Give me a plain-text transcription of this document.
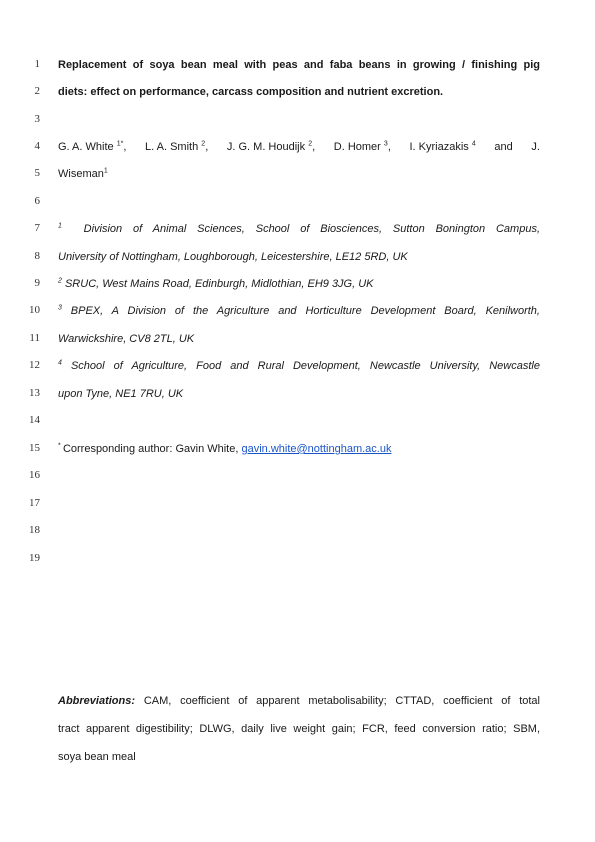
1
2
3
4
5
6
7
8
9
10
11
12
13
14
15
16
17
18
19
Replacement of soya bean meal with peas and faba beans in growing / finishing pig
diets: effect on performance, carcass composition and nutrient excretion.
G. A. White $^{1*}$, L. A. Smith $^2$, J. G. M. Houdijk $^2$, D. Homer $^3$, I. Kyriazakis $^4$ and J.
Wiseman$^1$
$^1$ Division of Animal Sciences, School of Biosciences, Sutton Bonington Campus,
University of Nottingham, Loughborough, Leicestershire, LE12 5RD, UK
$^2$ SRUC, West Mains Road, Edinburgh, Midlothian, EH9 3JG, UK
$^3$ BPEX, A Division of the Agriculture and Horticulture Development Board, Kenilworth,
Warwickshire, CV8 2TL, UK
$^4$ School of Agriculture, Food and Rural Development, Newcastle University, Newcastle
upon Tyne, NE1 7RU, UK
*  Corresponding author: Gavin White, gavin.white@nottingham.ac.uk
Abbreviations: CAM, coefficient of apparent metabolisability; CTTAD, coefficient of total
tract apparent digestibility; DLWG, daily live weight gain; FCR, feed conversion ratio; SBM,
soya bean meal
